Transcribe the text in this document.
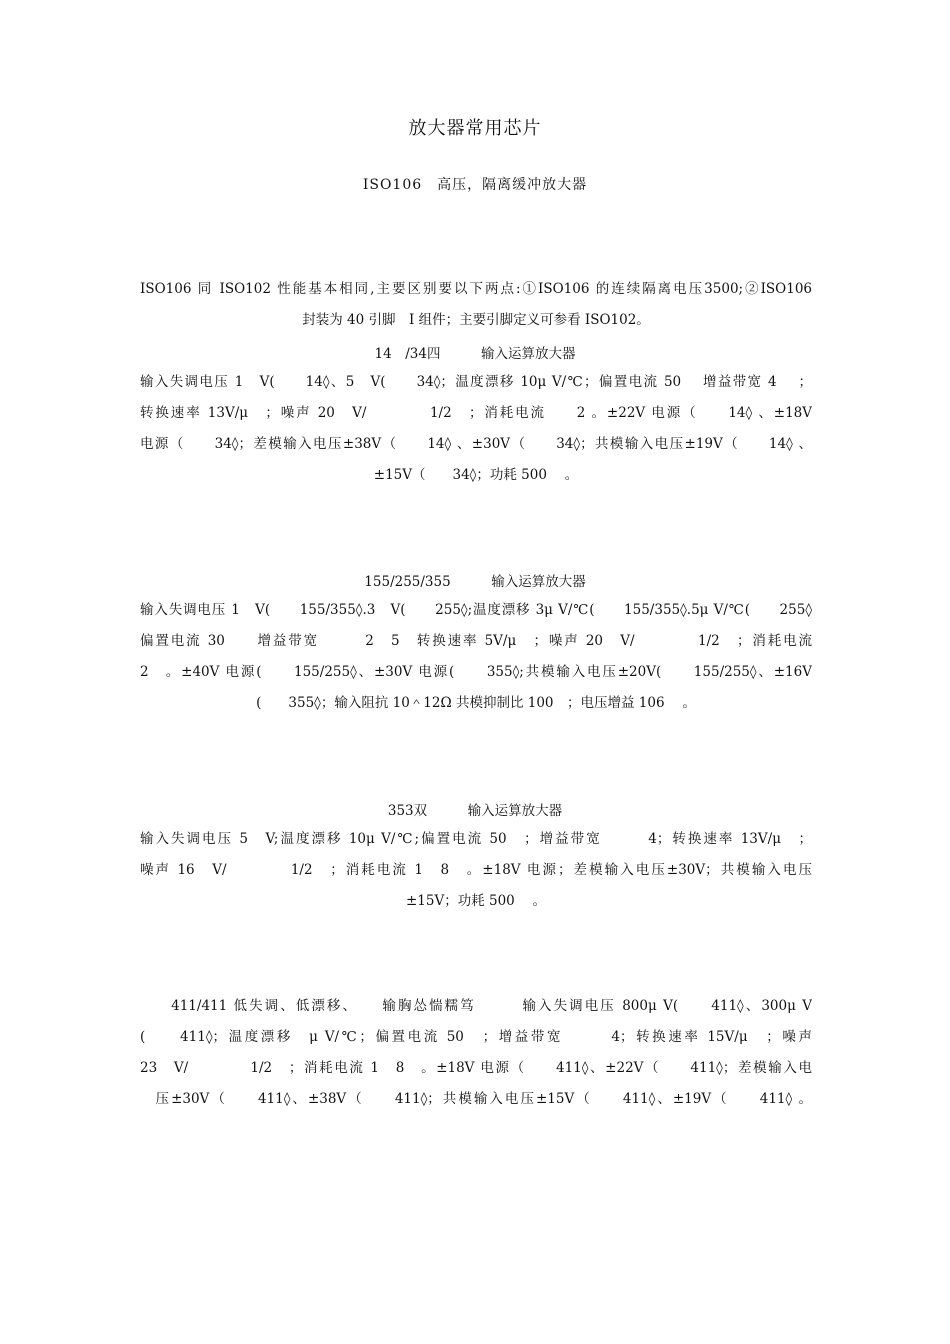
放大器常用芯片
ISO106　高压，隔离缓冲放大器
ISO106 同 ISO102 性能基本相同,主要区别要以下两点:①ISO106 的连续隔离电压3500;②ISO106
封装为 40 引脚　I 组件；主要引脚定义可参看 ISO102。
14　/34四　　　输入运算放大器
输入失调电压 1　V(　　14◊、5　V(　　34◊；温度漂移 10μ V/℃；偏置电流 50　 增益带宽 4　 ；
转换速率 13V/μ　；噪声 20　V/　　　　1/2　；消耗电流　　2 。±22V 电源（　　14◊ 、±18V
电源（　　34◊；差模输入电压±38V（　　14◊ 、±30V（　　34◊；共模输入电压±19V（　　14◊ 、
±15V（　　34◊；功耗 500　 。
155/255/355　　　输入运算放大器
输入失调电压 1　V(　　155/355◊.3　V(　　255◊;温度漂移 3μ V/℃(　　155/355◊.5μ V/℃(　　255◊
偏置电流 30　　增益带宽　　　2　5　转换速率 5V/μ　；噪声 20　V/　　　　1/2　；消耗电流
2　。±40V 电源(　　155/255◊、±30V 电源(　　355◊;共模输入电压±20V(　　155/255◊、±16V
(　　355◊；输入阻抗 10＾12Ω 共模抑制比 100　；电压增益 106　 。
353双　　　输入运算放大器
输入失调电压 5　V;温度漂移 10μ V/℃;偏置电流 50　；增益带宽　　　4；转换速率 13V/μ　；
噪声 16　V/　　　　1/2　；消耗电流 1　8　。±18V 电源；差模输入电压±30V；共模输入电压
±15V；功耗 500　 。
　　411/411 低失调、低漂移、　　输胸怂惴糯笃　　　输入失调电压 800μ V(　　411◊、300μ V
(　　411◊；温度漂移　μ V/℃；偏置电流 50　；增益带宽　　　4；转换速率 15V/μ　；噪声
23　V/　　　　1/2　；消耗电流 1　8　。±18V 电源（　　411◊、±22V（　　411◊；差模输入电
　压±30V（　　411◊、±38V（　　411◊；共模输入电压±15V（　　411◊、±19V（　　411◊ 。
